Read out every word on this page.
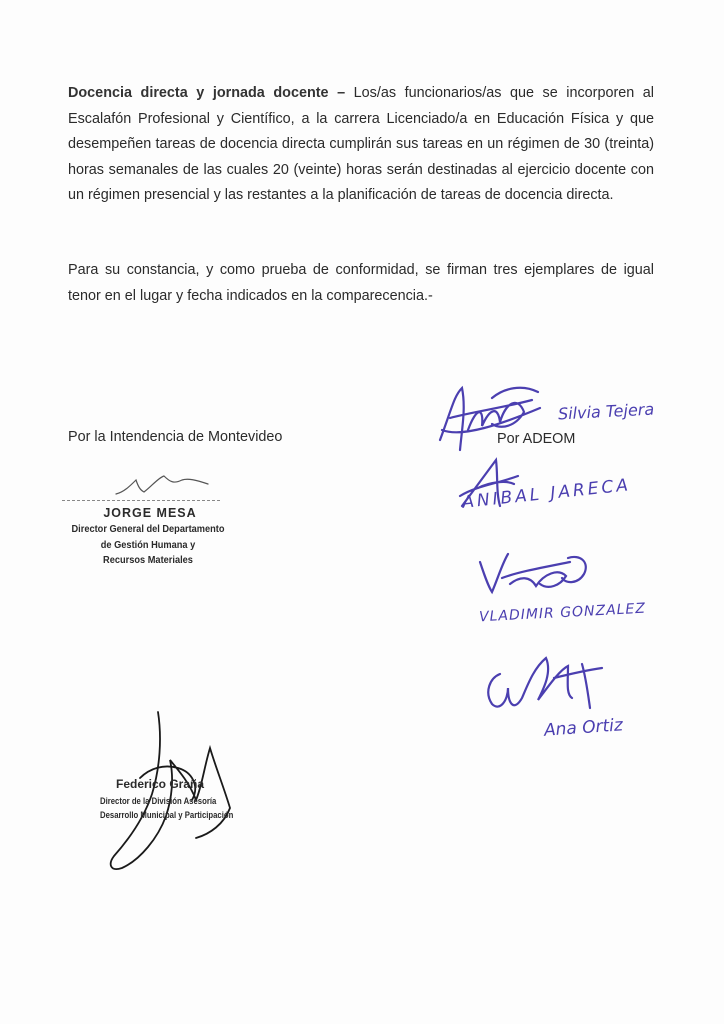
Docencia directa y jornada docente – Los/as funcionarios/as que se incorporen al Escalafón Profesional y Científico, a la carrera Licenciado/a en Educación Física y que desempeñen tareas de docencia directa cumplirán sus tareas en un régimen de 30 (treinta) horas semanales de las cuales 20 (veinte) horas serán destinadas al ejercicio docente con un régimen presencial y las restantes a la planificación de tareas de docencia directa.

Para su constancia, y como prueba de conformidad, se firman tres ejemplares de igual tenor en el lugar y fecha indicados en la comparecencia.-

Por la Intendencia de Montevideo	Por ADEOM
Silvia Tejera
ANIBAL JARECA
VLADIMIR GONZALEZ
Ana Ortiz
JORGE MESA
Director General del Departamento
de Gestión Humana y
Recursos Materiales
Federico Graña
Director de la División Asesoría
Desarrollo Municipal y Participación
